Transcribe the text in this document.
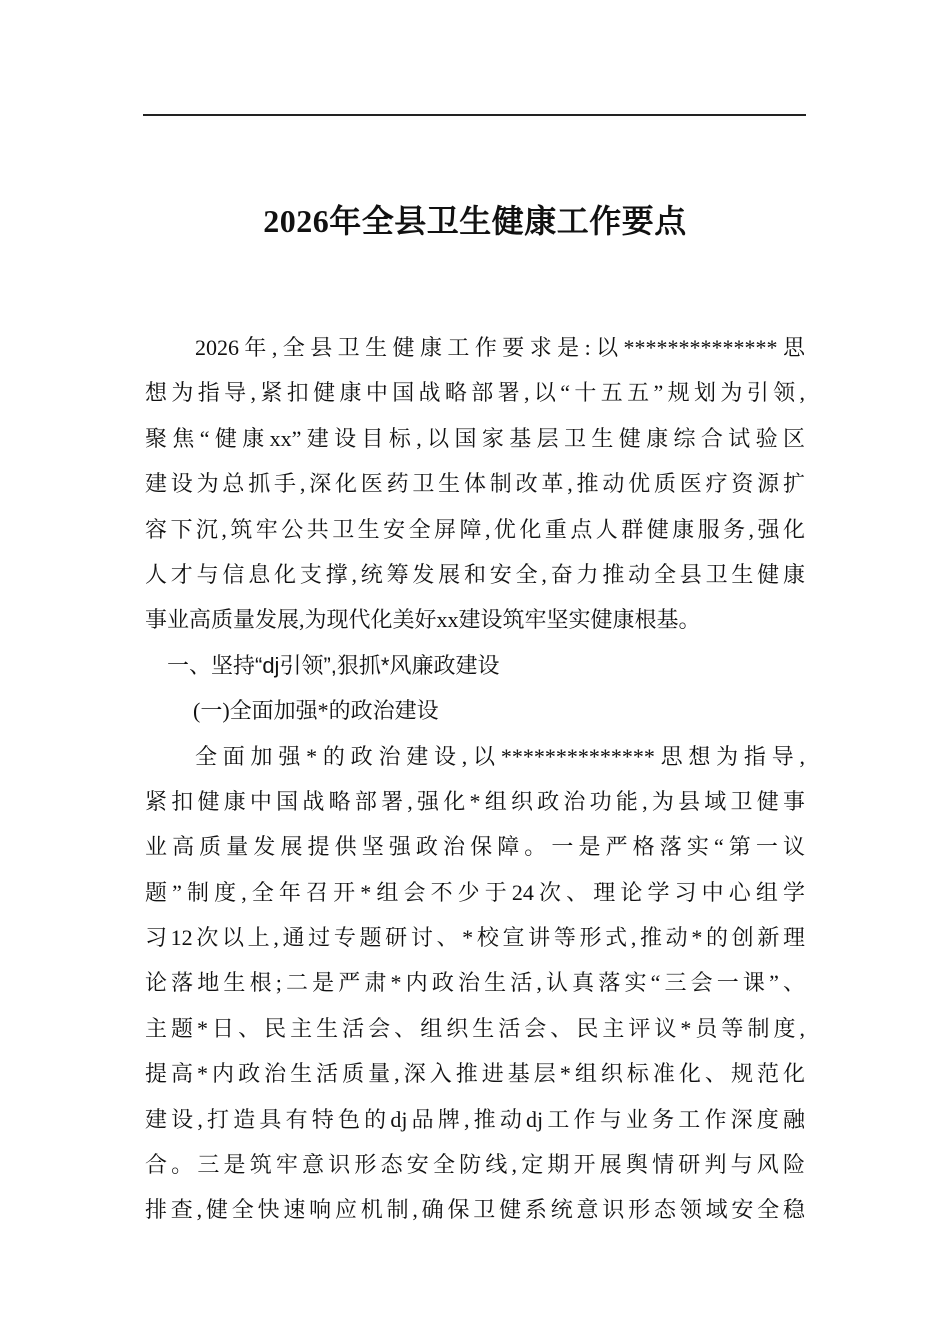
2026年全县卫生健康工作要点
2026年,全县卫生健康工作要求是:以**************思
想为指导,紧扣健康中国战略部署,以“十五五”规划为引领,
聚焦“健康xx”建设目标,以国家基层卫生健康综合试验区
建设为总抓手,深化医药卫生体制改革,推动优质医疗资源扩
容下沉,筑牢公共卫生安全屏障,优化重点人群健康服务,强化
人才与信息化支撑,统筹发展和安全,奋力推动全县卫生健康
事业高质量发展,为现代化美好xx建设筑牢坚实健康根基。
一、坚持“dj引领”,狠抓*风廉政建设
(一)全面加强*的政治建设
全面加强*的政治建设,以**************思想为指导,
紧扣健康中国战略部署,强化*组织政治功能,为县域卫健事
业高质量发展提供坚强政治保障。一是严格落实“第一议
题”制度,全年召开*组会不少于24次、理论学习中心组学
习12次以上,通过专题研讨、*校宣讲等形式,推动*的创新理
论落地生根;二是严肃*内政治生活,认真落实“三会一课”、
主题*日、民主生活会、组织生活会、民主评议*员等制度,
提高*内政治生活质量,深入推进基层*组织标准化、规范化
建设,打造具有特色的dj品牌,推动dj工作与业务工作深度融
合。三是筑牢意识形态安全防线,定期开展舆情研判与风险
排查,健全快速响应机制,确保卫健系统意识形态领域安全稳
